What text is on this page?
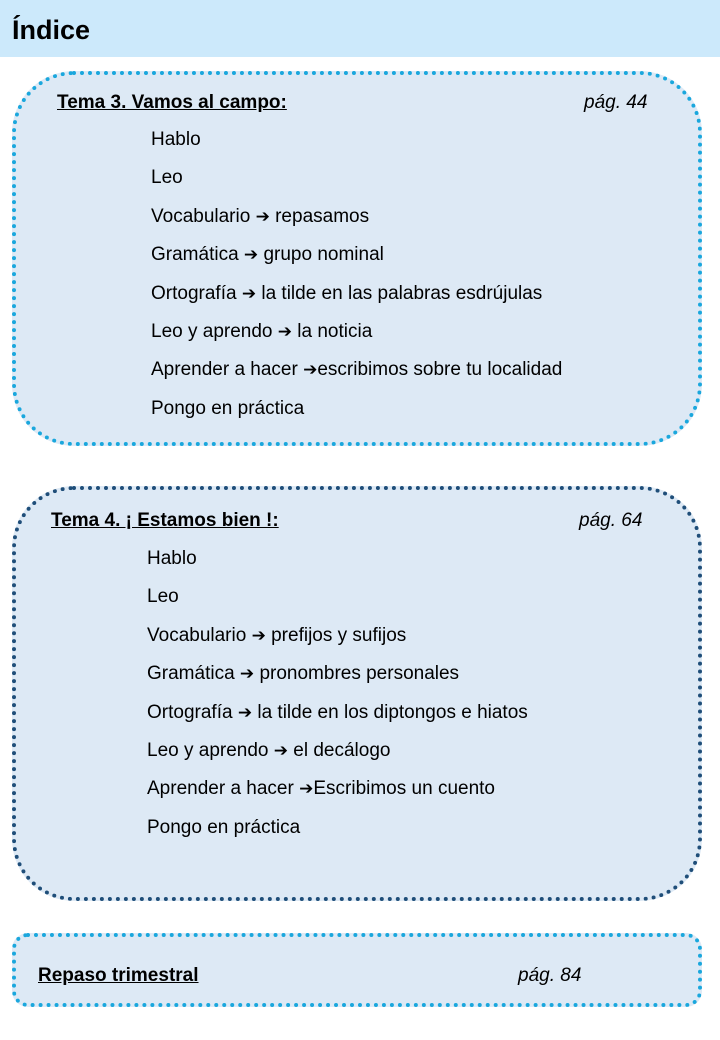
Índice
Tema 3. Vamos al campo:	pág. 44
Hablo
Leo
Vocabulario ➔ repasamos
Gramática ➔ grupo nominal
Ortografía ➔ la tilde en las palabras esdrújulas
Leo y aprendo ➔ la noticia
Aprender a hacer ➔escribimos sobre tu localidad
Pongo en práctica
Tema 4. ¡ Estamos bien !:	pág. 64
Hablo
Leo
Vocabulario ➔ prefijos y sufijos
Gramática ➔ pronombres personales
Ortografía ➔ la tilde en los diptongos e hiatos
Leo y aprendo ➔ el decálogo
Aprender a hacer ➔Escribimos un cuento
Pongo en práctica
Repaso trimestral	pág. 84
